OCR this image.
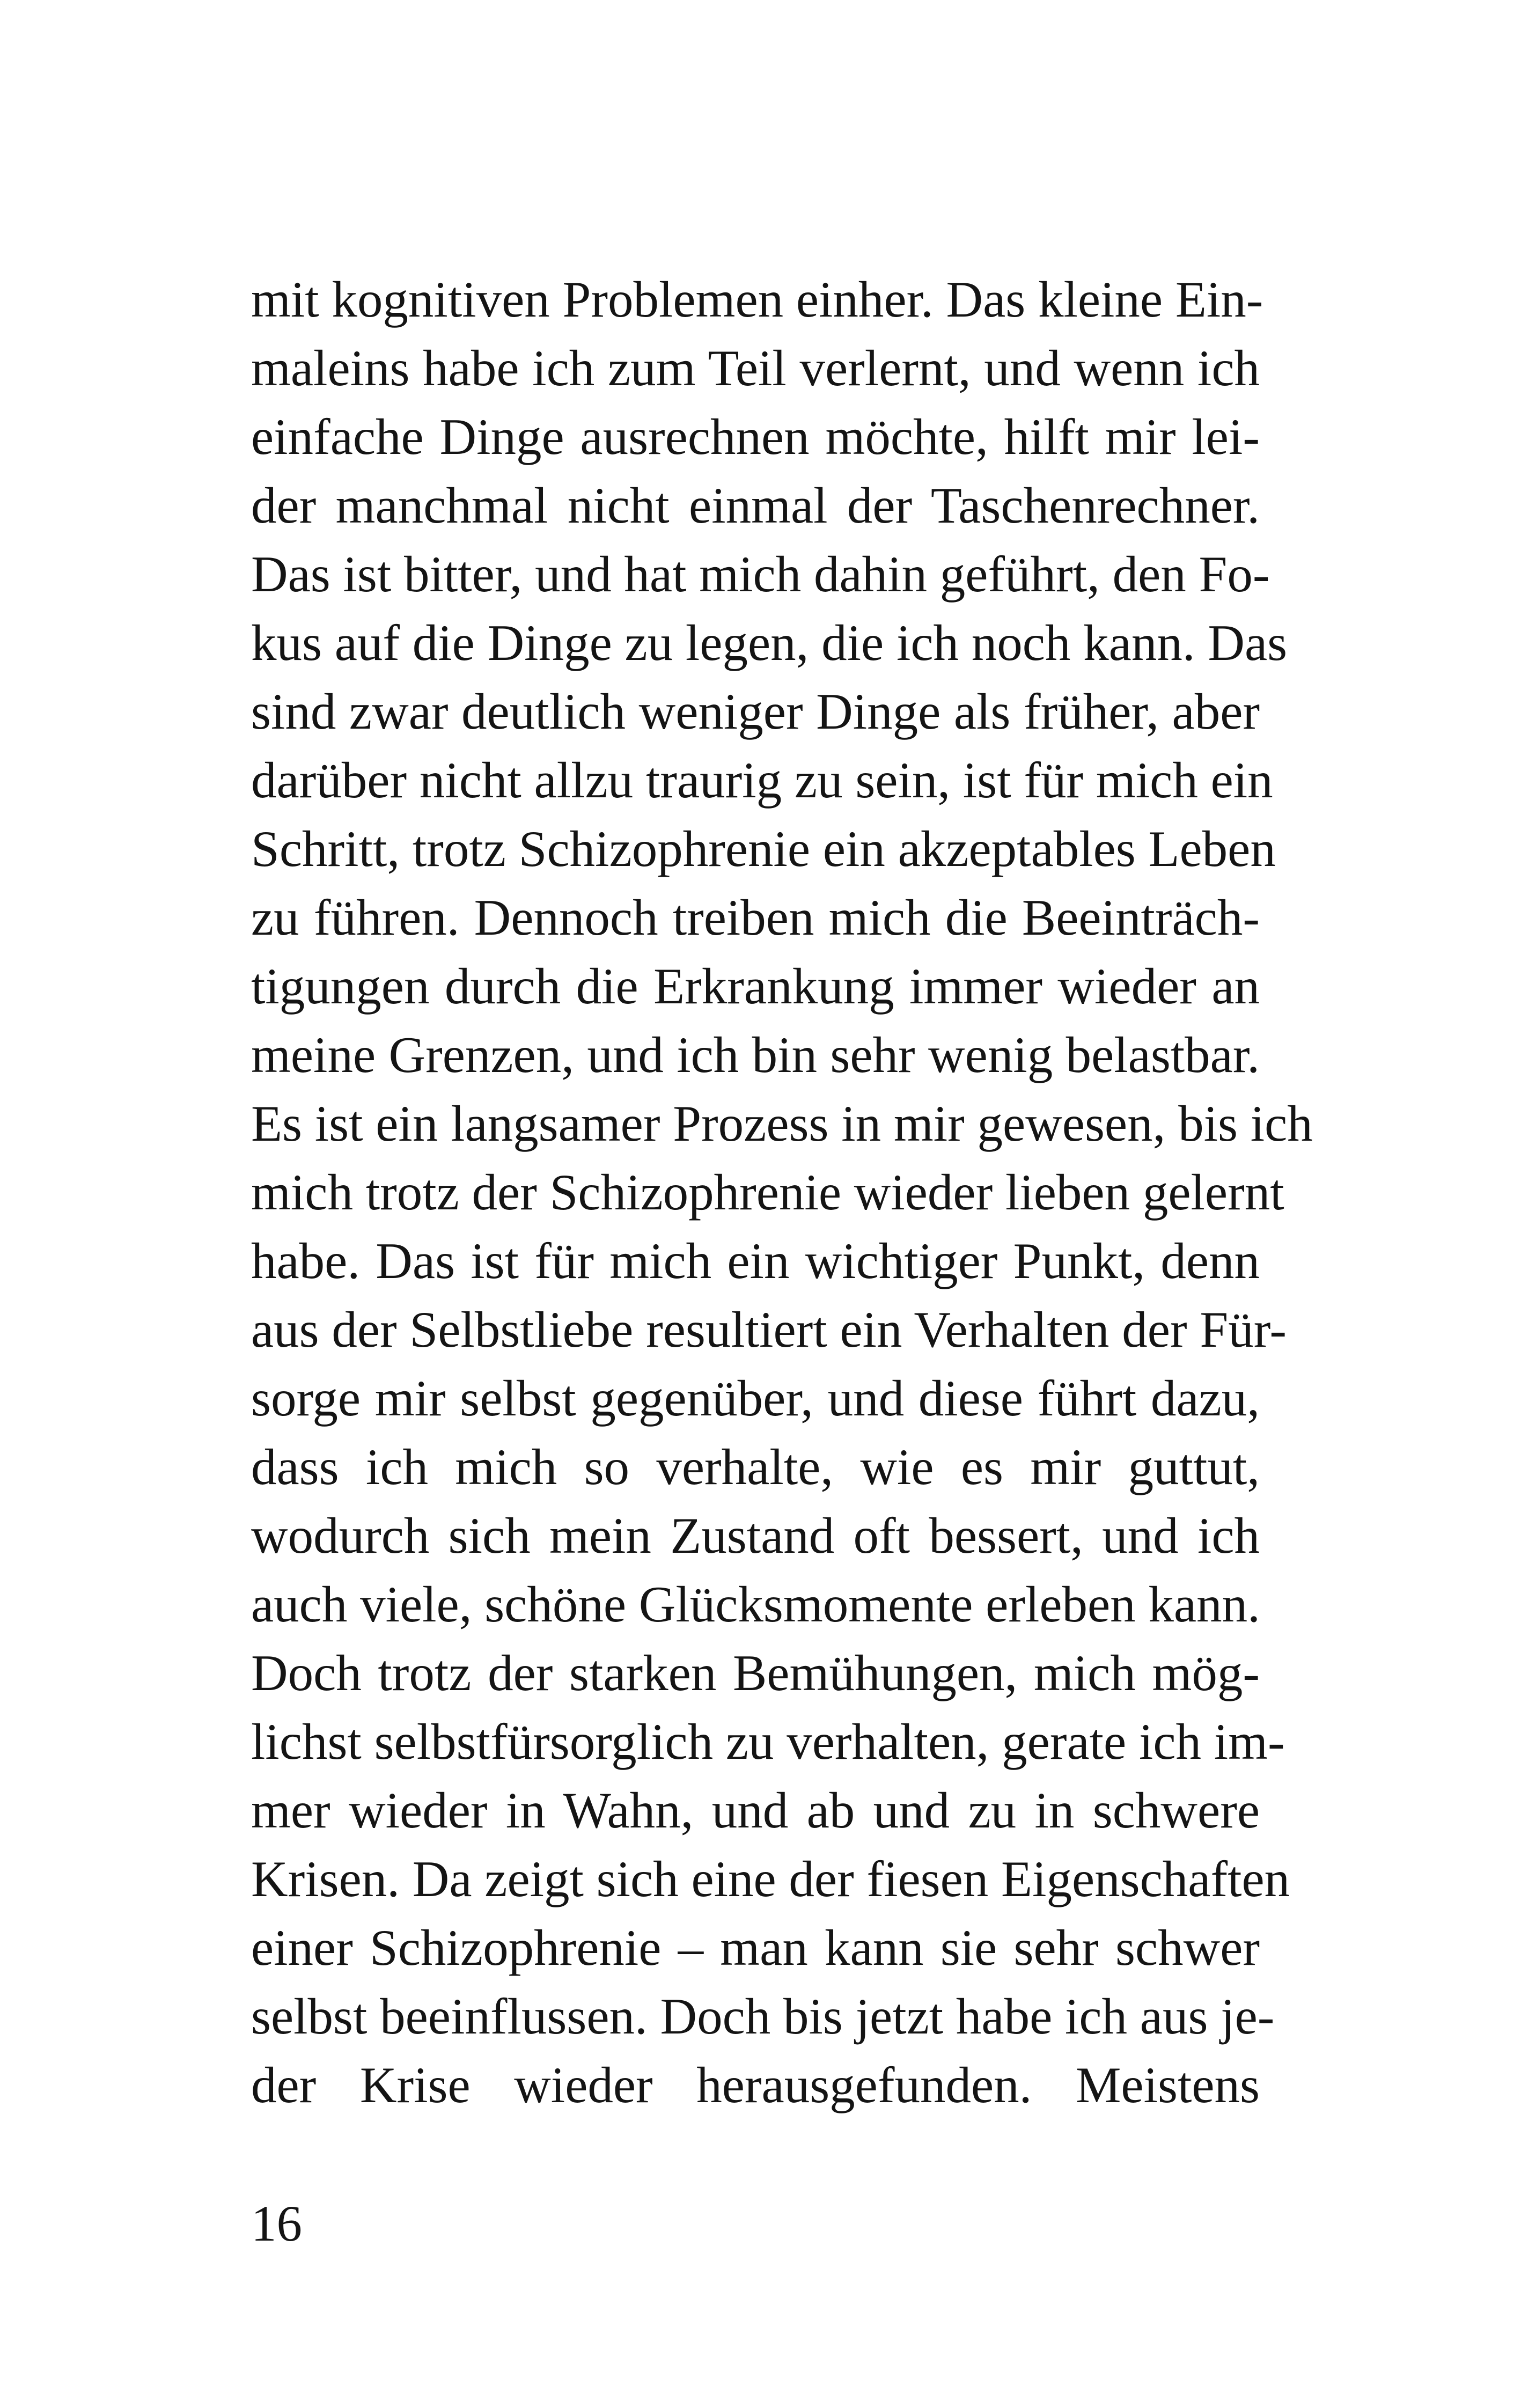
mit kognitiven Problemen einher. Das kleine Ein-
maleins habe ich zum Teil verlernt, und wenn ich
einfache Dinge ausrechnen möchte, hilft mir lei-
der manchmal nicht einmal der Taschenrechner.
Das ist bitter, und hat mich dahin geführt, den Fo-
kus auf die Dinge zu legen, die ich noch kann. Das
sind zwar deutlich weniger Dinge als früher, aber
darüber nicht allzu traurig zu sein, ist für mich ein
Schritt, trotz Schizophrenie ein akzeptables Leben
zu führen. Dennoch treiben mich die Beeinträch-
tigungen durch die Erkrankung immer wieder an
meine Grenzen, und ich bin sehr wenig belastbar.
Es ist ein langsamer Prozess in mir gewesen, bis ich
mich trotz der Schizophrenie wieder lieben gelernt
habe. Das ist für mich ein wichtiger Punkt, denn
aus der Selbstliebe resultiert ein Verhalten der Für-
sorge mir selbst gegenüber, und diese führt dazu,
dass ich mich so verhalte, wie es mir guttut,
wodurch sich mein Zustand oft bessert, und ich
auch viele, schöne Glücksmomente erleben kann.
Doch trotz der starken Bemühungen, mich mög-
lichst selbstfürsorglich zu verhalten, gerate ich im-
mer wieder in Wahn, und ab und zu in schwere
Krisen. Da zeigt sich eine der fiesen Eigenschaften
einer Schizophrenie – man kann sie sehr schwer
selbst beeinflussen. Doch bis jetzt habe ich aus je-
der Krise wieder herausgefunden. Meistens
16
